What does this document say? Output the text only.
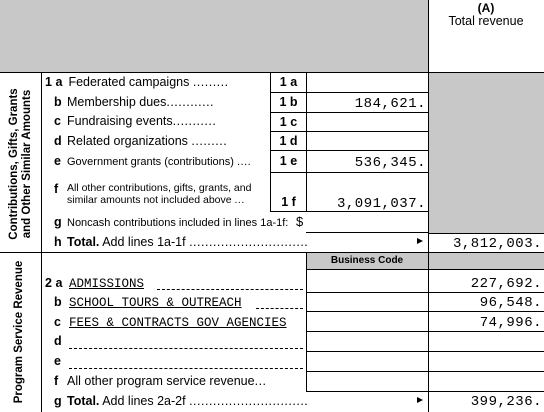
(A)
Total revenue
Contributions, Gifts, Grants and Other Similar Amounts
Program Service Revenue
1 a Federated campaigns .........	1 a
b Membership dues............	1 b	184,621.
c Fundraising events...........	1 c
d Related organizations .........	1 d
e Government grants (contributions) ....	1 e	536,345.
f All other contributions, gifts, grants, and
similar amounts not included above ...	1 f	3,091,037.
g Noncash contributions included in lines 1a-1f: $
h Total. Add lines 1a-1f ..............................	3,812,003.
Business Code
2 a ADMISSIONS	227,692.
b SCHOOL TOURS & OUTREACH	96,548.
c FEES & CONTRACTS GOV AGENCIES	74,996.
d
e
f All other program service revenue...
g Total. Add lines 2a-2f ..............................	399,236.
